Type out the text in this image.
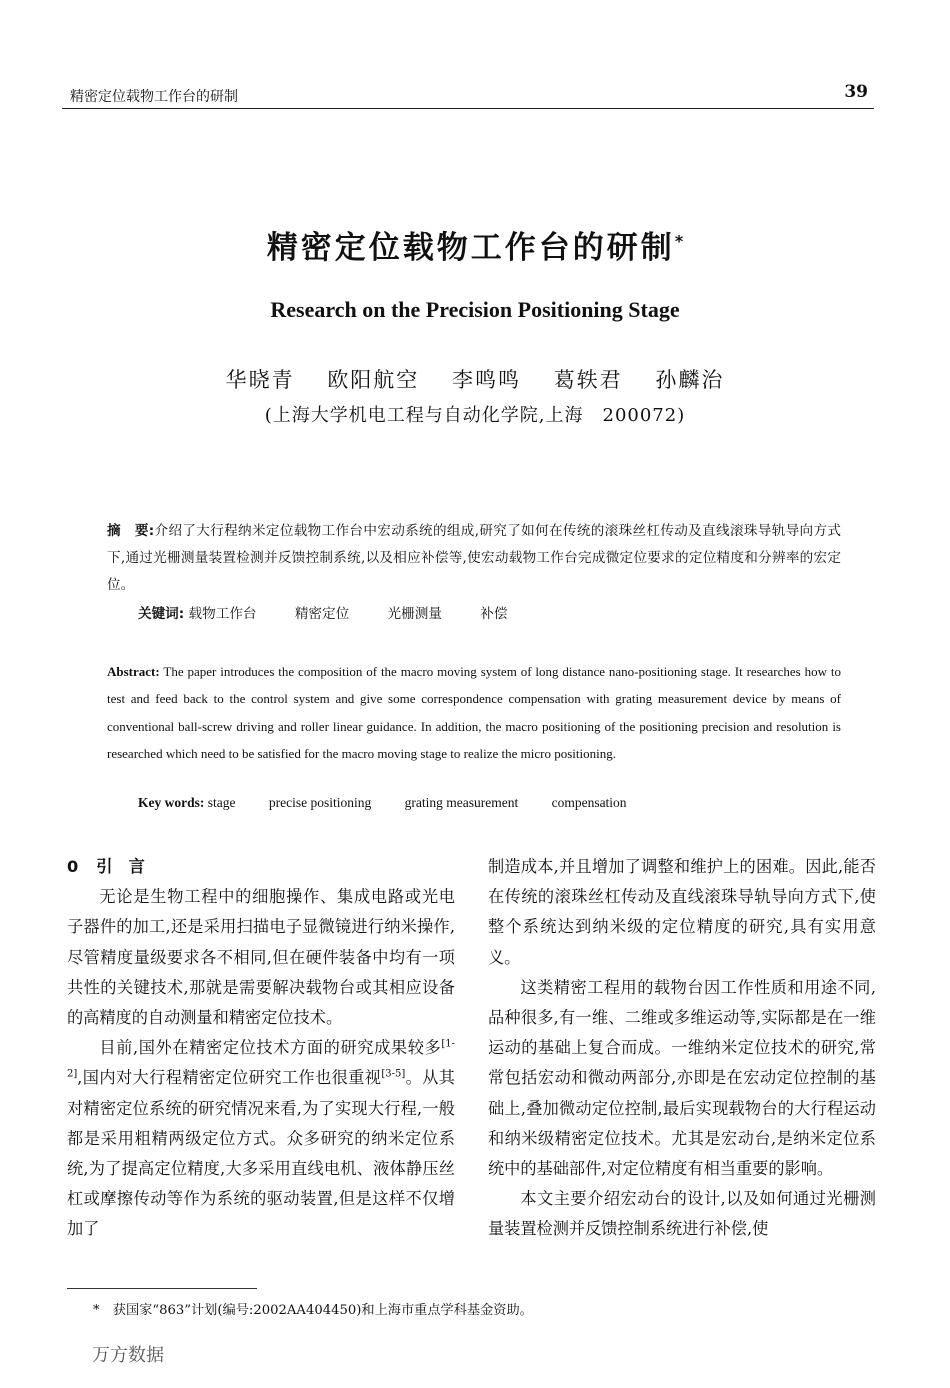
精密定位载物工作台的研制	39
精密定位载物工作台的研制*
Research on the Precision Positioning Stage
华晓青 欧阳航空 李鸣鸣 葛轶君 孙麟治
(上海大学机电工程与自动化学院,上海　200072)
摘　要:介绍了大行程纳米定位载物工作台中宏动系统的组成,研究了如何在传统的滚珠丝杠传动及直线滚珠导轨导向方式下,通过光栅测量装置检测并反馈控制系统,以及相应补偿等,使宏动载物工作台完成微定位要求的定位精度和分辨率的宏定位。
关键词: 载物工作台	精密定位	光栅测量	补偿
Abstract: The paper introduces the composition of the macro moving system of long distance nano-positioning stage. It researches how to test and feed back to the control system and give some correspondence compensation with grating measurement device by means of conventional ball-screw driving and roller linear guidance. In addition, the macro positioning of the positioning precision and resolution is researched which need to be satisfied for the macro moving stage to realize the micro positioning.
Key words: stage precise positioning grating measurement compensation

0 引　言

无论是生物工程中的细胞操作、集成电路或光电子器件的加工,还是采用扫描电子显微镜进行纳米操作,尽管精度量级要求各不相同,但在硬件装备中均有一项共性的关键技术,那就是需要解决载物台或其相应设备的高精度的自动测量和精密定位技术。

目前,国外在精密定位技术方面的研究成果较多[1-2],国内对大行程精密定位研究工作也很重视[3-5]。从其对精密定位系统的研究情况来看,为了实现大行程,一般都是采用粗精两级定位方式。众多研究的纳米定位系统,为了提高定位精度,大多采用直线电机、液体静压丝杠或摩擦传动等作为系统的驱动装置,但是这样不仅增加了

制造成本,并且增加了调整和维护上的困难。因此,能否在传统的滚珠丝杠传动及直线滚珠导轨导向方式下,使整个系统达到纳米级的定位精度的研究,具有实用意义。

这类精密工程用的载物台因工作性质和用途不同,品种很多,有一维、二维或多维运动等,实际都是在一维运动的基础上复合而成。一维纳米定位技术的研究,常常包括宏动和微动两部分,亦即是在宏动定位控制的基础上,叠加微动定位控制,最后实现载物台的大行程运动和纳米级精密定位技术。尤其是宏动台,是纳米定位系统中的基础部件,对定位精度有相当重要的影响。

本文主要介绍宏动台的设计,以及如何通过光栅测量装置检测并反馈控制系统进行补偿,使

*　获国家“863”计划(编号:2002AA404450)和上海市重点学科基金资助。
万方数据
